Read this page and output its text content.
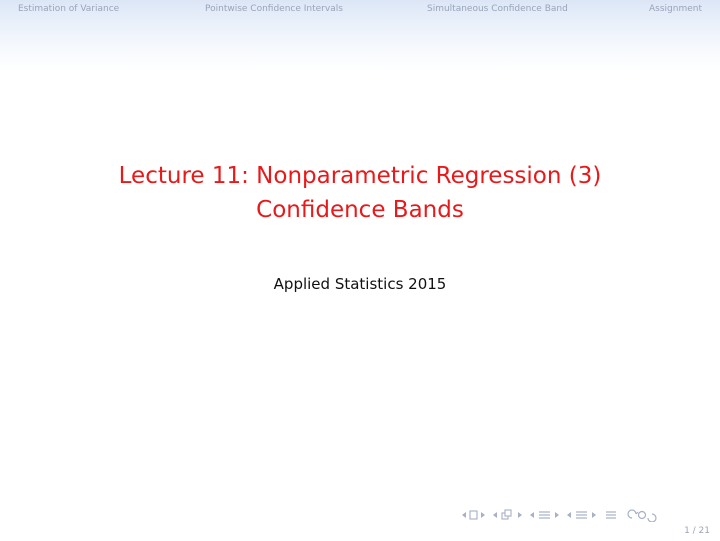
Estimation of Variance	Pointwise Confidence Intervals	Simultaneous Confidence Band	Assignment
Lecture 11: Nonparametric Regression (3)
Confidence Bands
Applied Statistics 2015
1 / 21
